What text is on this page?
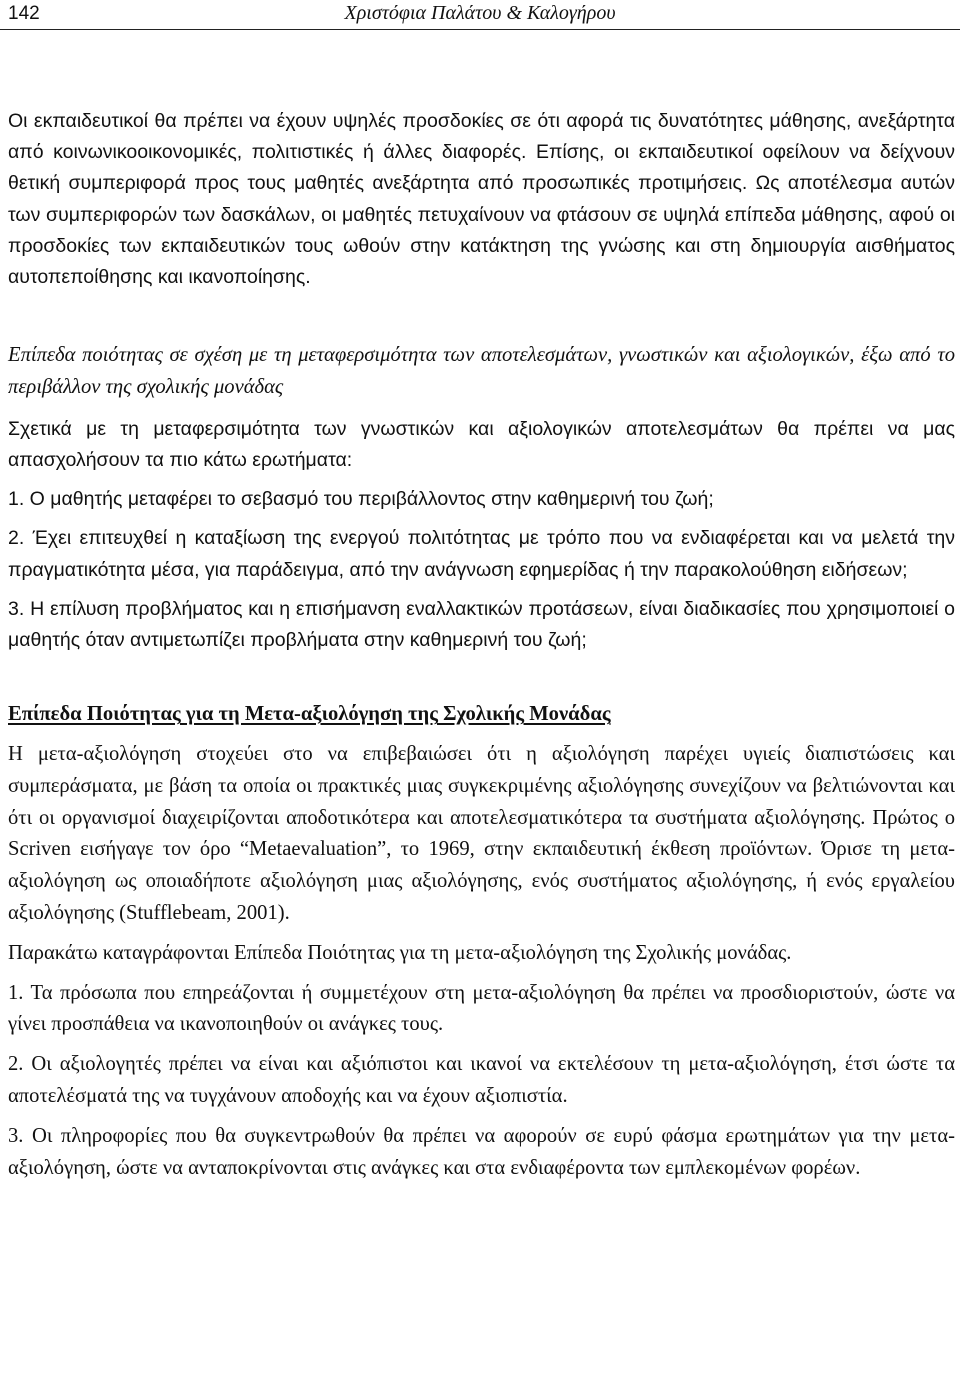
142	Χριστόφια Παλάτου & Καλογήρου

Οι εκπαιδευτικοί θα πρέπει να έχουν υψηλές προσδοκίες σε ότι αφορά τις δυνατότητες μάθησης, ανεξάρτητα από κοινωνικοοικονομικές, πολιτιστικές ή άλλες διαφορές. Επίσης, οι εκπαιδευτικοί οφείλουν να δείχνουν θετική συμπεριφορά προς τους μαθητές ανεξάρτητα από προσωπικές προτιμήσεις. Ως αποτέλεσμα αυτών των συμπεριφορών των δασκάλων, οι μαθητές πετυχαίνουν να φτάσουν σε υψηλά επίπεδα μάθησης, αφού οι προσδοκίες των εκπαιδευτικών τους ωθούν στην κατάκτηση της γνώσης και στη δημιουργία αισθήματος αυτοπεποίθησης και ικανοποίησης.

Επίπεδα ποιότητας σε σχέση με τη μεταφερσιμότητα των αποτελεσμάτων, γνωστικών και αξιολογικών, έξω από το περιβάλλον της σχολικής μονάδας

Σχετικά με τη μεταφερσιμότητα των γνωστικών και αξιολογικών αποτελεσμάτων θα πρέπει να μας απασχολήσουν τα πιο κάτω ερωτήματα:

1. Ο μαθητής μεταφέρει το σεβασμό του περιβάλλοντος στην καθημερινή του ζωή;

2. Έχει επιτευχθεί η καταξίωση της ενεργού πολιτότητας με τρόπο που να ενδιαφέρεται και να μελετά την πραγματικότητα μέσα, για παράδειγμα, από την ανάγνωση εφημερίδας ή την παρακολούθηση ειδήσεων;

3. Η επίλυση προβλήματος και η επισήμανση εναλλακτικών προτάσεων, είναι διαδικασίες που χρησιμοποιεί ο μαθητής όταν αντιμετωπίζει προβλήματα στην καθημερινή του ζωή;

Επίπεδα Ποιότητας για τη Μετα-αξιολόγηση της Σχολικής Μονάδας

Η μετα-αξιολόγηση στοχεύει στο να επιβεβαιώσει ότι η αξιολόγηση παρέχει υγιείς διαπιστώσεις και συμπεράσματα, με βάση τα οποία οι πρακτικές μιας συγκεκριμένης αξιολόγησης συνεχίζουν να βελτιώνονται και ότι οι οργανισμοί διαχειρίζονται αποδοτικότερα και αποτελεσματικότερα τα συστήματα αξιολόγησης. Πρώτος ο Scriven εισήγαγε τον όρο “Metaevaluation”, το 1969, στην εκπαιδευτική έκθεση προϊόντων. Όρισε τη μετα-αξιολόγηση ως οποιαδήποτε αξιολόγηση μιας αξιολόγησης, ενός συστήματος αξιολόγησης, ή ενός εργαλείου αξιολόγησης (Stufflebeam, 2001).

Παρακάτω καταγράφονται Επίπεδα Ποιότητας για τη μετα-αξιολόγηση της Σχολικής μονάδας.

1. Τα πρόσωπα που επηρεάζονται ή συμμετέχουν στη μετα-αξιολόγηση θα πρέπει να προσδιοριστούν, ώστε να γίνει προσπάθεια να ικανοποιηθούν οι ανάγκες τους.

2. Οι αξιολογητές πρέπει να είναι και αξιόπιστοι και ικανοί να εκτελέσουν τη μετα-αξιολόγηση, έτσι ώστε τα αποτελέσματά της να τυγχάνουν αποδοχής και να έχουν αξιοπιστία.

3. Οι πληροφορίες που θα συγκεντρωθούν θα πρέπει να αφορούν σε ευρύ φάσμα ερωτημάτων για την μετα-αξιολόγηση, ώστε να ανταποκρίνονται στις ανάγκες και στα ενδιαφέροντα των εμπλεκομένων φορέων.
